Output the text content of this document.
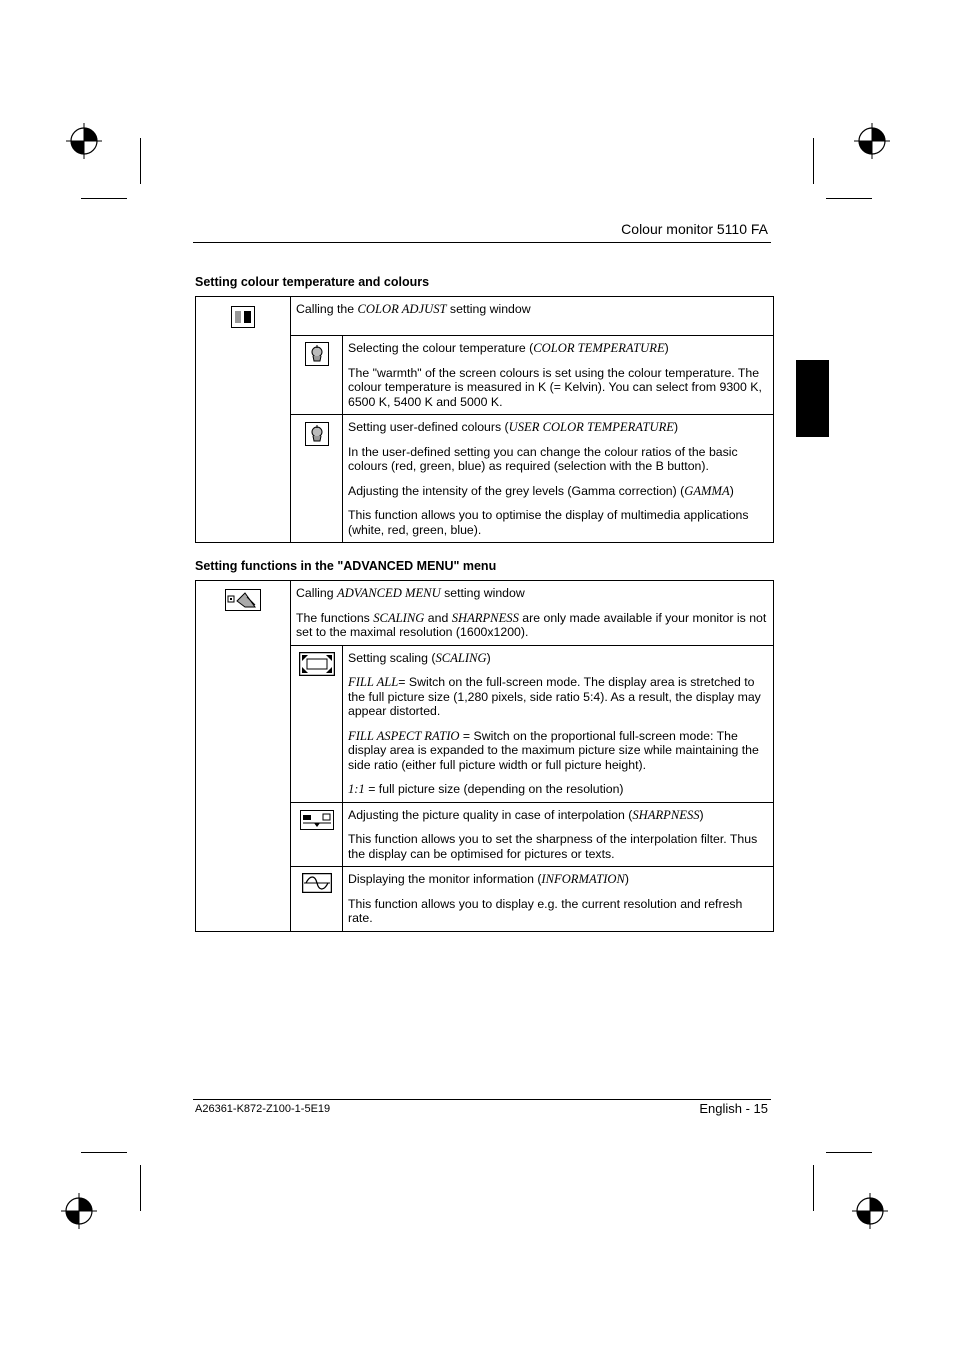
Colour monitor 5110 FA
Setting colour temperature and colours

Calling the COLOR ADJUST setting window

Selecting the colour temperature (COLOR TEMPERATURE)

The "warmth" of the screen colours is set using the colour temperature. The colour temperature is measured in K (= Kelvin). You can select from 9300 K, 6500 K, 5400 K and 5000 K.

Setting user-defined colours (USER COLOR TEMPERATURE)

In the user-defined setting you can change the colour ratios of the basic colours (red, green, blue) as required (selection with the B button).

Adjusting the intensity of the grey levels (Gamma correction) (GAMMA)

This function allows you to optimise the display of multimedia applications (white, red, green, blue).

Setting functions in the "ADVANCED MENU" menu

Calling ADVANCED MENU setting window

The functions SCALING and SHARPNESS are only made available if your monitor is not set to the maximal resolution (1600x1200).

Setting scaling (SCALING)

FILL ALL= Switch on the full-screen mode. The display area is stretched to the full picture size (1,280 pixels, side ratio 5:4). As a result, the display may appear distorted.

FILL ASPECT RATIO = Switch on the proportional full-screen mode: The display area is expanded to the maximum picture size while maintaining the side ratio (either full picture width or full picture height).

1:1 = full picture size (depending on the resolution)

Adjusting the picture quality in case of interpolation (SHARPNESS)

This function allows you to set the sharpness of the interpolation filter. Thus the display can be optimised for pictures or texts.

Displaying the monitor information (INFORMATION)

This function allows you to display e.g. the current resolution and refresh rate.

A26361-K872-Z100-1-5E19	English - 15
